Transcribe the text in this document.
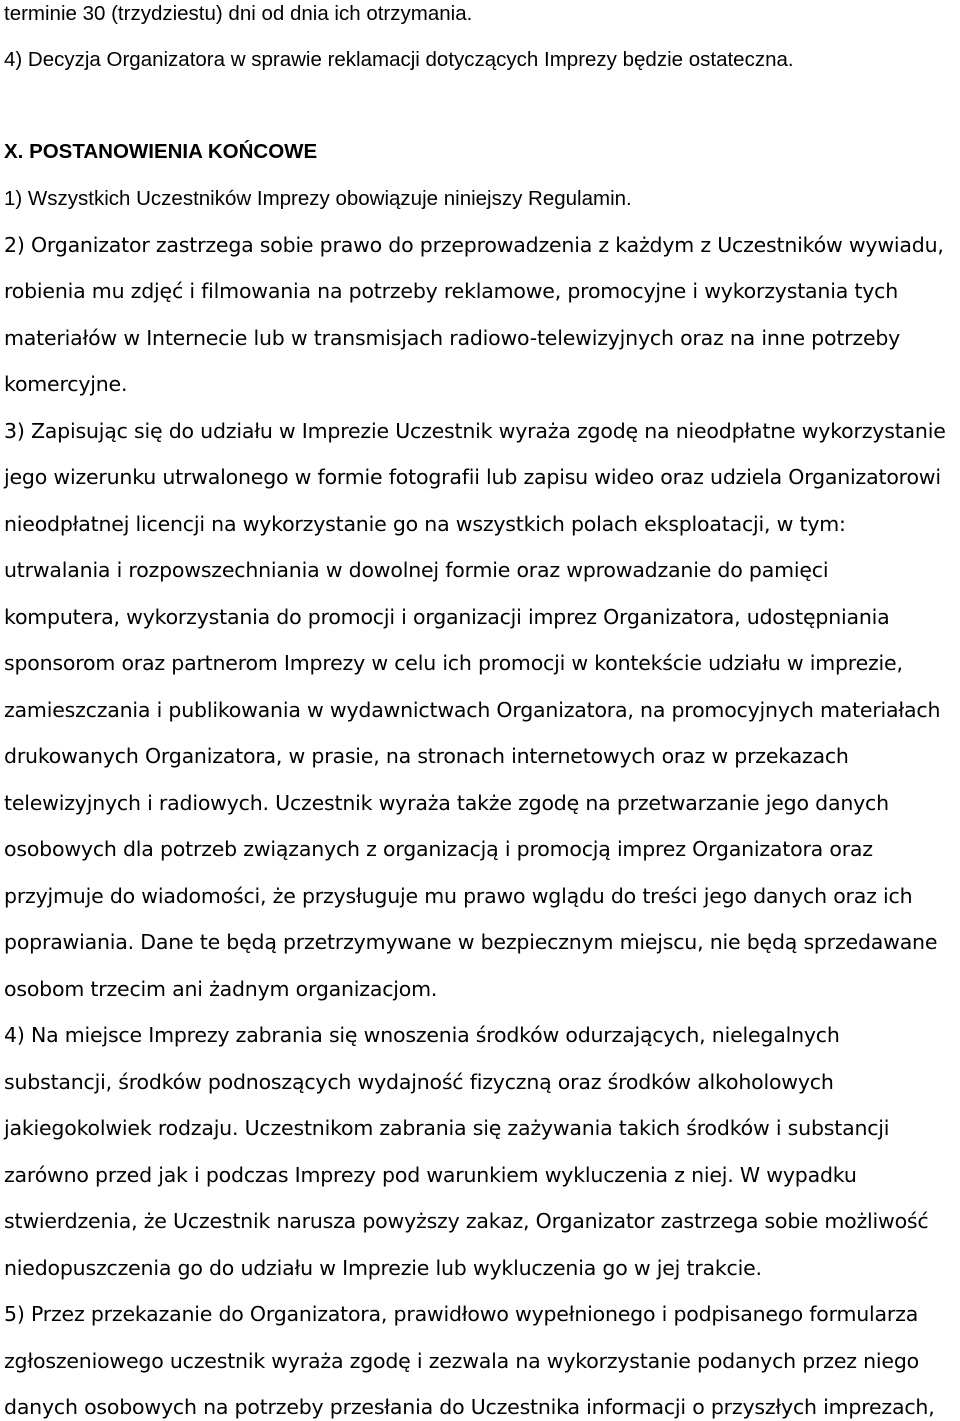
terminie 30 (trzydziestu) dni od dnia ich otrzymania.
4) Decyzja Organizatora w sprawie reklamacji dotyczących Imprezy będzie ostateczna.
X. POSTANOWIENIA KOŃCOWE
1) Wszystkich Uczestników Imprezy obowiązuje niniejszy Regulamin.
2) Organizator zastrzega sobie prawo do przeprowadzenia z każdym z Uczestników wywiadu,
robienia mu zdjęć i filmowania na potrzeby reklamowe, promocyjne i wykorzystania tych
materiałów w Internecie lub w transmisjach radiowo-telewizyjnych oraz na inne potrzeby
komercyjne.
3) Zapisując się do udziału w Imprezie Uczestnik wyraża zgodę na nieodpłatne wykorzystanie
jego wizerunku utrwalonego w formie fotografii lub zapisu wideo oraz udziela Organizatorowi
nieodpłatnej licencji na wykorzystanie go na wszystkich polach eksploatacji, w tym:
utrwalania i rozpowszechniania w dowolnej formie oraz wprowadzanie do pamięci
komputera, wykorzystania do promocji i organizacji imprez Organizatora, udostępniania
sponsorom oraz partnerom Imprezy w celu ich promocji w kontekście udziału w imprezie,
zamieszczania i publikowania w wydawnictwach Organizatora, na promocyjnych materiałach
drukowanych Organizatora, w prasie, na stronach internetowych oraz w przekazach
telewizyjnych i radiowych. Uczestnik wyraża także zgodę na przetwarzanie jego danych
osobowych dla potrzeb związanych z organizacją i promocją imprez Organizatora oraz
przyjmuje do wiadomości, że przysługuje mu prawo wglądu do treści jego danych oraz ich
poprawiania. Dane te będą przetrzymywane w bezpiecznym miejscu, nie będą sprzedawane
osobom trzecim ani żadnym organizacjom.
4) Na miejsce Imprezy zabrania się wnoszenia środków odurzających, nielegalnych
substancji, środków podnoszących wydajność fizyczną oraz środków alkoholowych
jakiegokolwiek rodzaju. Uczestnikom zabrania się zażywania takich środków i substancji
zarówno przed jak i podczas Imprezy pod warunkiem wykluczenia z niej. W wypadku
stwierdzenia, że Uczestnik narusza powyższy zakaz, Organizator zastrzega sobie możliwość
niedopuszczenia go do udziału w Imprezie lub wykluczenia go w jej trakcie.
5) Przez przekazanie do Organizatora, prawidłowo wypełnionego i podpisanego formularza
zgłoszeniowego uczestnik wyraża zgodę i zezwala na wykorzystanie podanych przez niego
danych osobowych na potrzeby przesłania do Uczestnika informacji o przyszłych imprezach,
